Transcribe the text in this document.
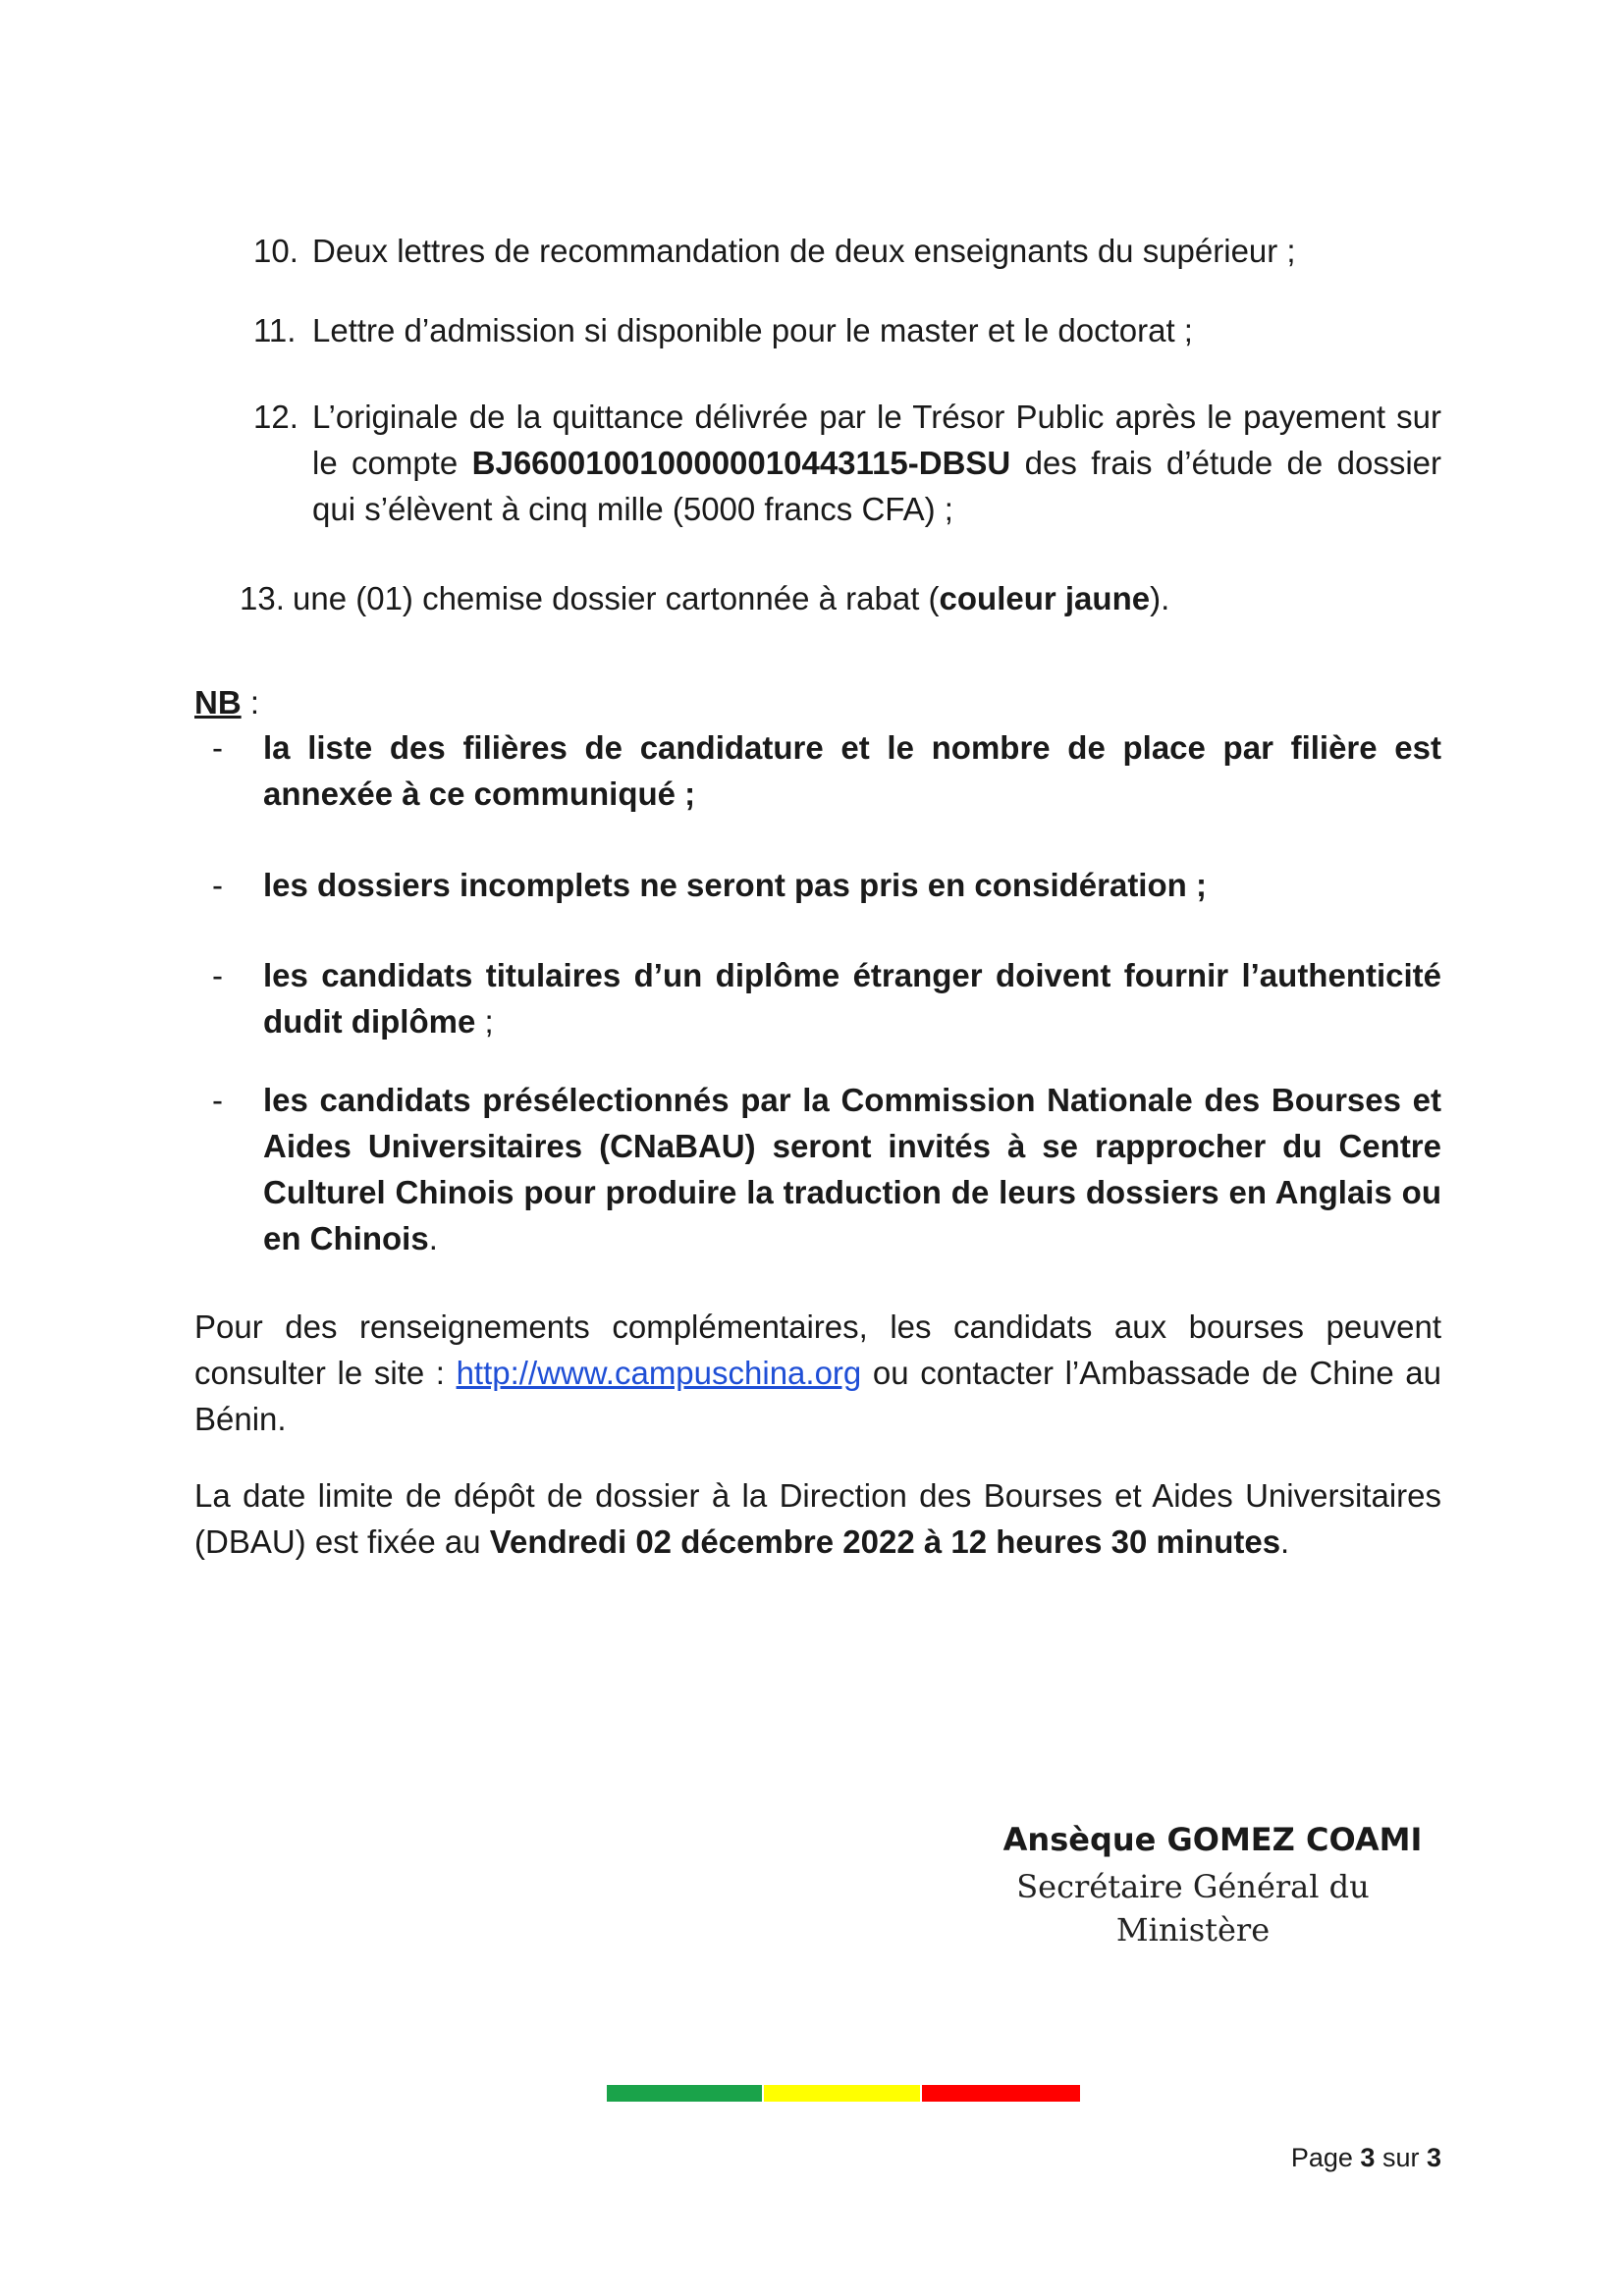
10. Deux lettres de recommandation de deux enseignants du supérieur ;
11. Lettre d’admission si disponible pour le master et le doctorat ;
12. L’originale de la quittance délivrée par le Trésor Public après le payement sur le compte BJ6600100100000010443115-DBSU des frais d’étude de dossier qui s’élèvent à cinq mille (5000 francs CFA) ;
13. une (01) chemise dossier cartonnée à rabat (couleur jaune).
NB :
-	la liste des filières de candidature et le nombre de place par filière est annexée à ce communiqué ;
-	les dossiers incomplets ne seront pas pris en considération ;
-	les candidats titulaires d’un diplôme étranger doivent fournir l’authenticité dudit diplôme ;
-	les candidats présélectionnés par la Commission Nationale des Bourses et Aides Universitaires (CNaBAU) seront invités à se rapprocher du Centre Culturel Chinois pour produire la traduction de leurs dossiers en Anglais ou en Chinois.
Pour des renseignements complémentaires, les candidats aux bourses peuvent consulter le site : http://www.campuschina.org ou contacter l’Ambassade de Chine au Bénin.
La date limite de dépôt de dossier à la Direction des Bourses et Aides Universitaires (DBAU) est fixée au Vendredi 02 décembre 2022 à 12 heures 30 minutes.
Ansèque GOMEZ COAMI
Secrétaire Général du Ministère
Page 3 sur 3
